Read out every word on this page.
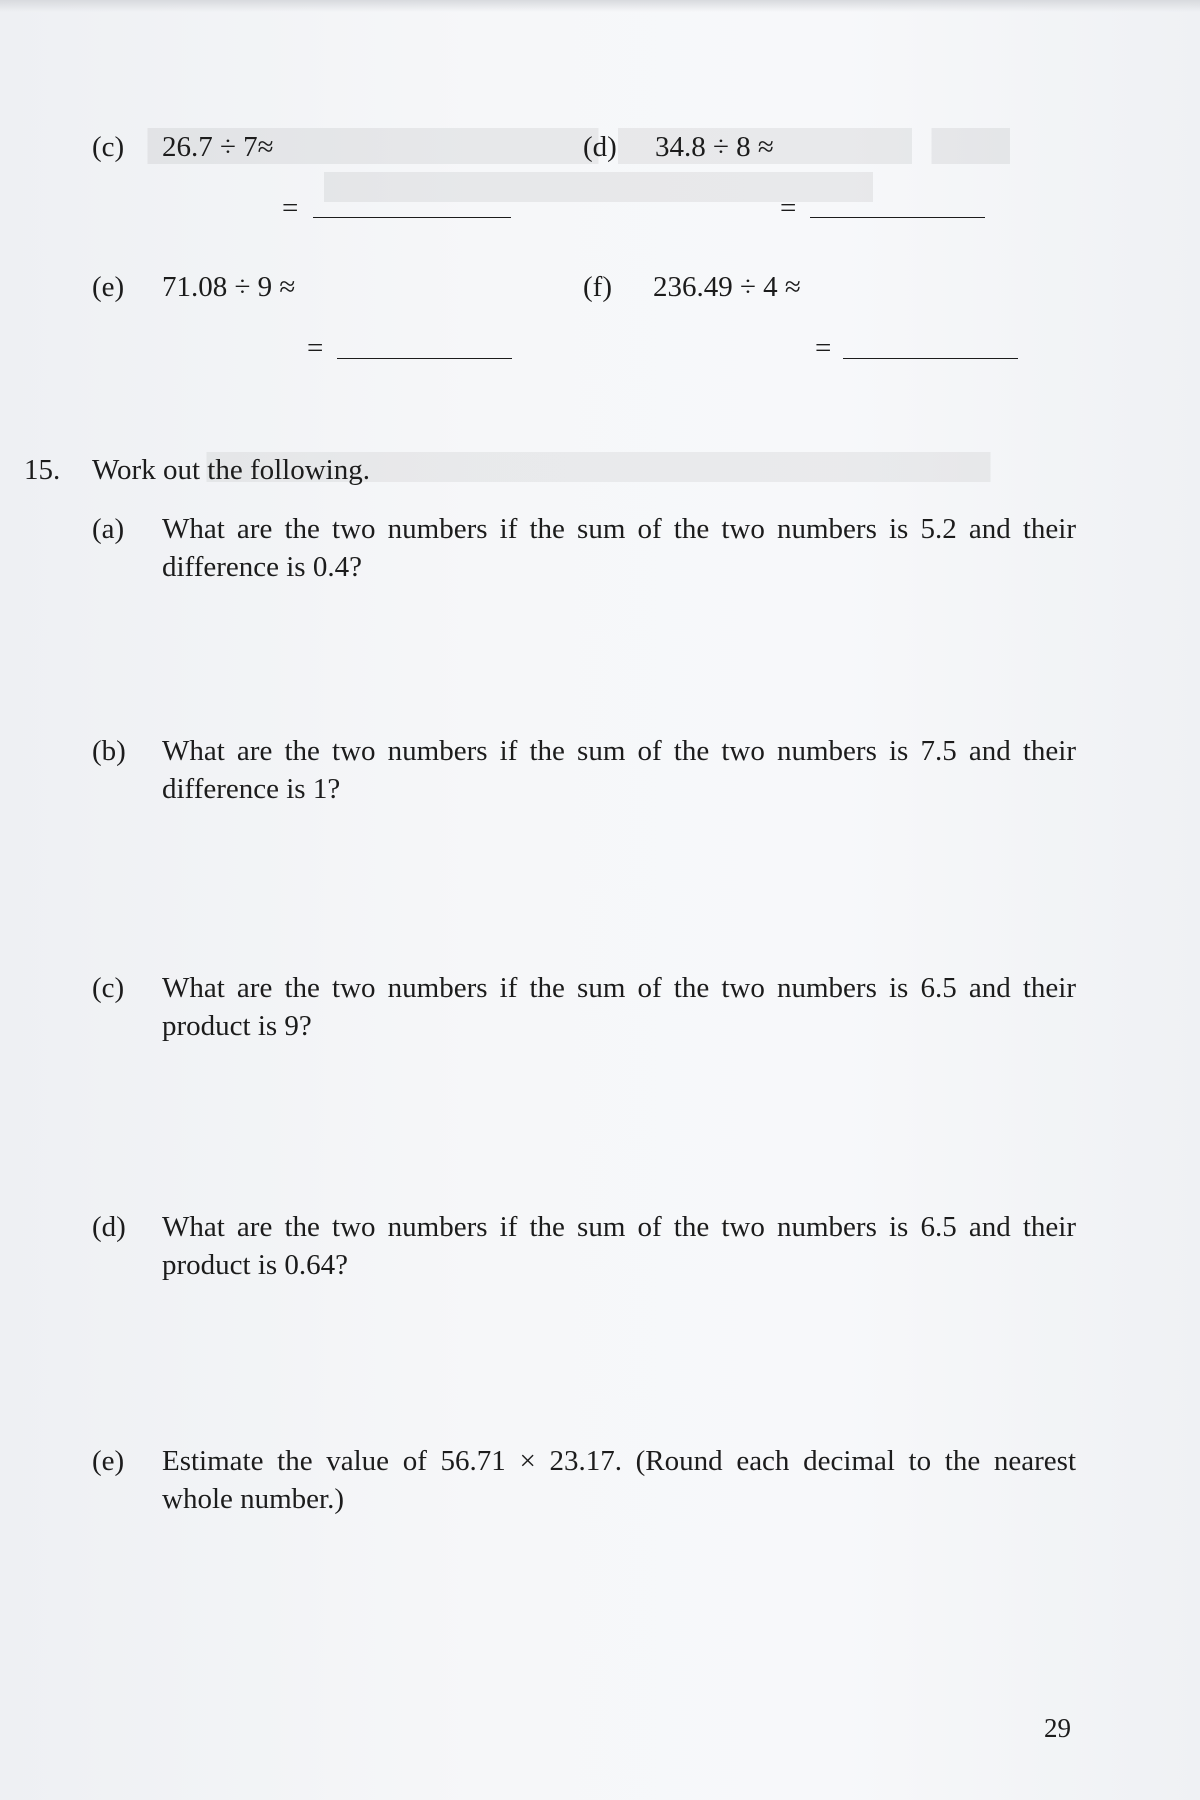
(c) 26.7 ÷ 7≈
=
(d) 34.8 ÷ 8 ≈
=
(e) 71.08 ÷ 9 ≈
=
(f) 236.49 ÷ 4 ≈
=
15. Work out the following.
(a) What are the two numbers if the sum of the two numbers is 5.2 and their difference is 0.4?
(b) What are the two numbers if the sum of the two numbers is 7.5 and their difference is 1?
(c) What are the two numbers if the sum of the two numbers is 6.5 and their product is 9?
(d) What are the two numbers if the sum of the two numbers is 6.5 and their product is 0.64?
(e) Estimate the value of 56.71 × 23.17. (Round each decimal to the nearest whole number.)
29
